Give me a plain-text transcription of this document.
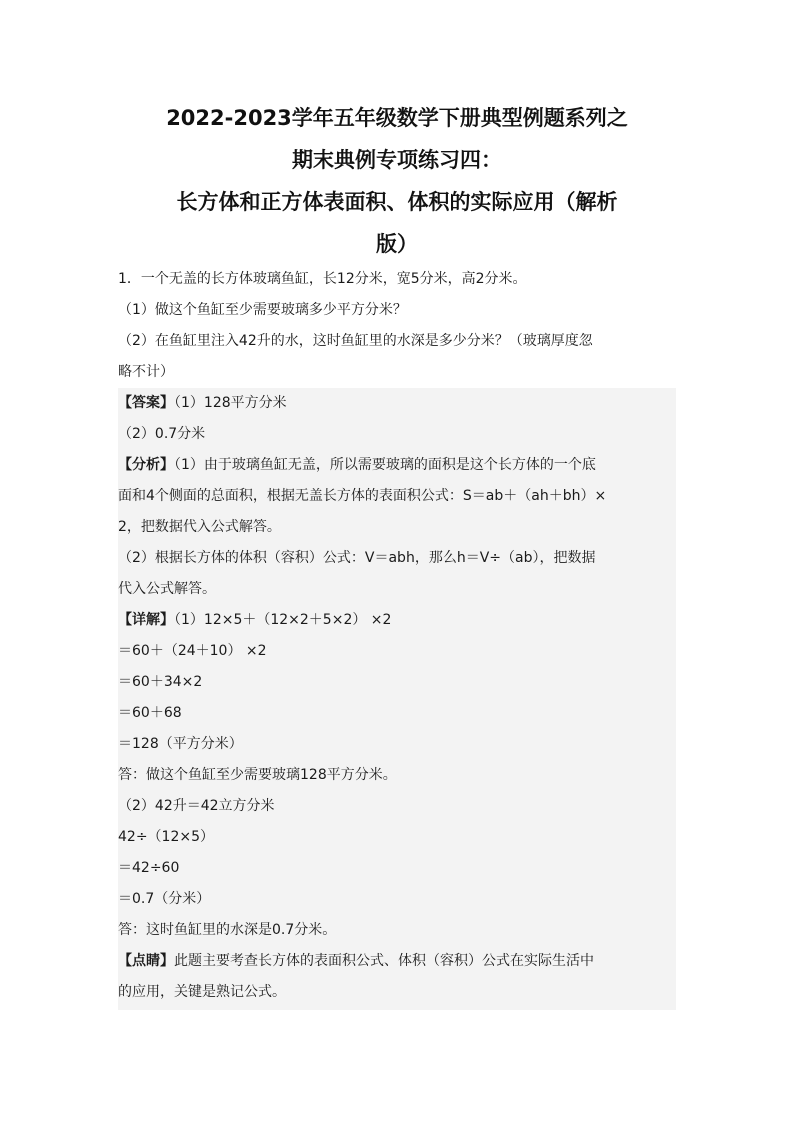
2022-2023学年五年级数学下册典型例题系列之
期末典例专项练习四：
长方体和正方体表面积、体积的实际应用（解析
版）
1．一个无盖的长方体玻璃鱼缸，长12分米，宽5分米，高2分米。
（1）做这个鱼缸至少需要玻璃多少平方分米？
（2）在鱼缸里注入42升的水，这时鱼缸里的水深是多少分米？（玻璃厚度忽
略不计）
【答案】（1）128平方分米
（2）0.7分米
【分析】（1）由于玻璃鱼缸无盖，所以需要玻璃的面积是这个长方体的一个底
面和4个侧面的总面积，根据无盖长方体的表面积公式：S＝ab＋（ah＋bh）×
2，把数据代入公式解答。
（2）根据长方体的体积（容积）公式：V＝abh，那么h＝V÷（ab），把数据
代入公式解答。
【详解】（1）12×5＋（12×2＋5×2） ×2
＝60＋（24＋10） ×2
＝60＋34×2
＝60＋68
＝128（平方分米）
答：做这个鱼缸至少需要玻璃128平方分米。
（2）42升＝42立方分米
42÷（12×5）
＝42÷60
＝0.7（分米）
答：这时鱼缸里的水深是0.7分米。
【点睛】此题主要考查长方体的表面积公式、体积（容积）公式在实际生活中
的应用，关键是熟记公式。
